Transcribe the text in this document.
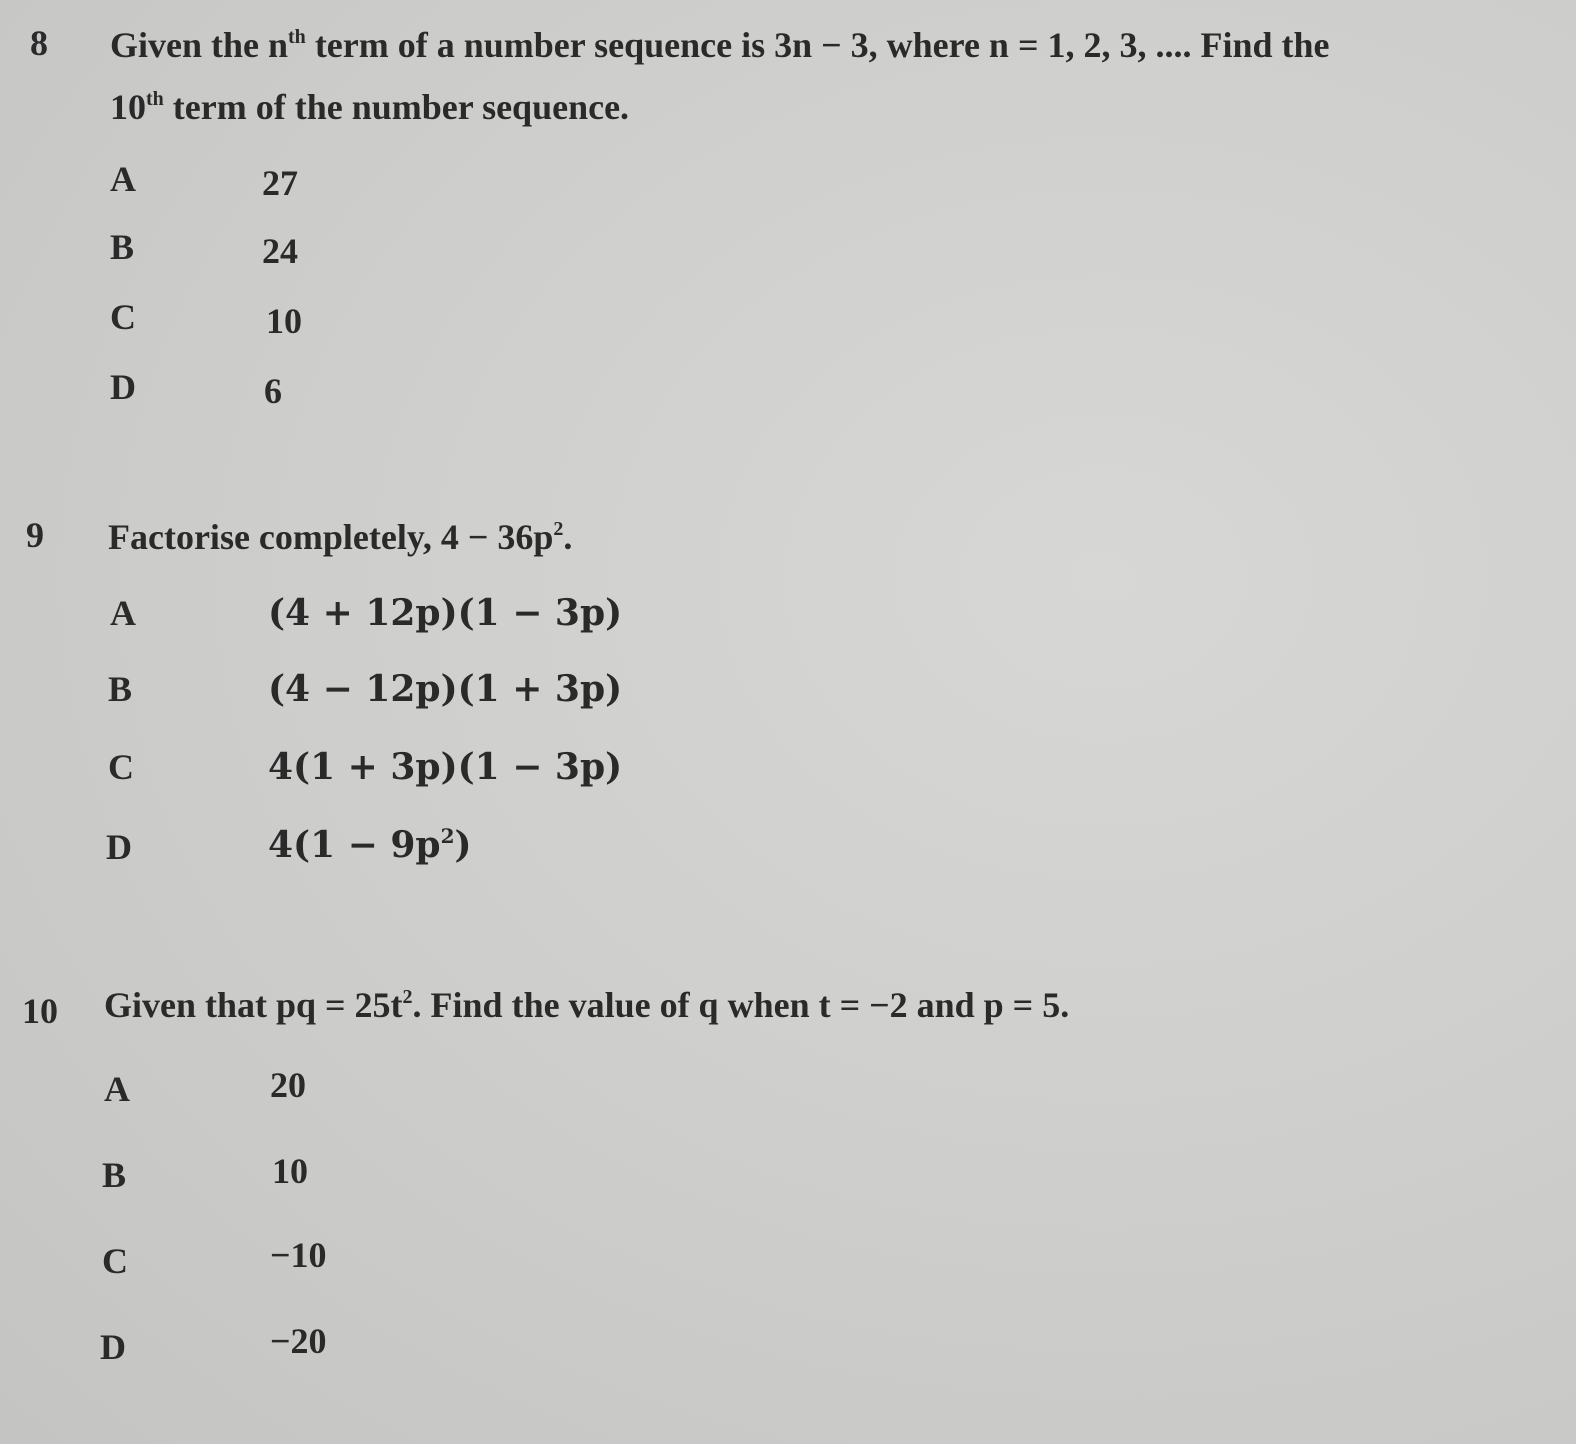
8 Given the $n^{th}$ term of a number sequence is 3n − 3, where n = 1, 2, 3, .... Find the
10th term of the number sequence.
A	27
B	24
C	10
D	6
9 Factorise completely, $4 - 36p^2$.
A	(4 + 12p)(1 − 3p)
B	(4 − 12p)(1 + 3p)
C	4(1 + 3p)(1 − 3p)
D	$4(1 - 9p^2)$
10 Given that pq = $25t^2$. Find the value of q when t = −2 and p = 5.
A	20
B	10
C	−10
D	−20
